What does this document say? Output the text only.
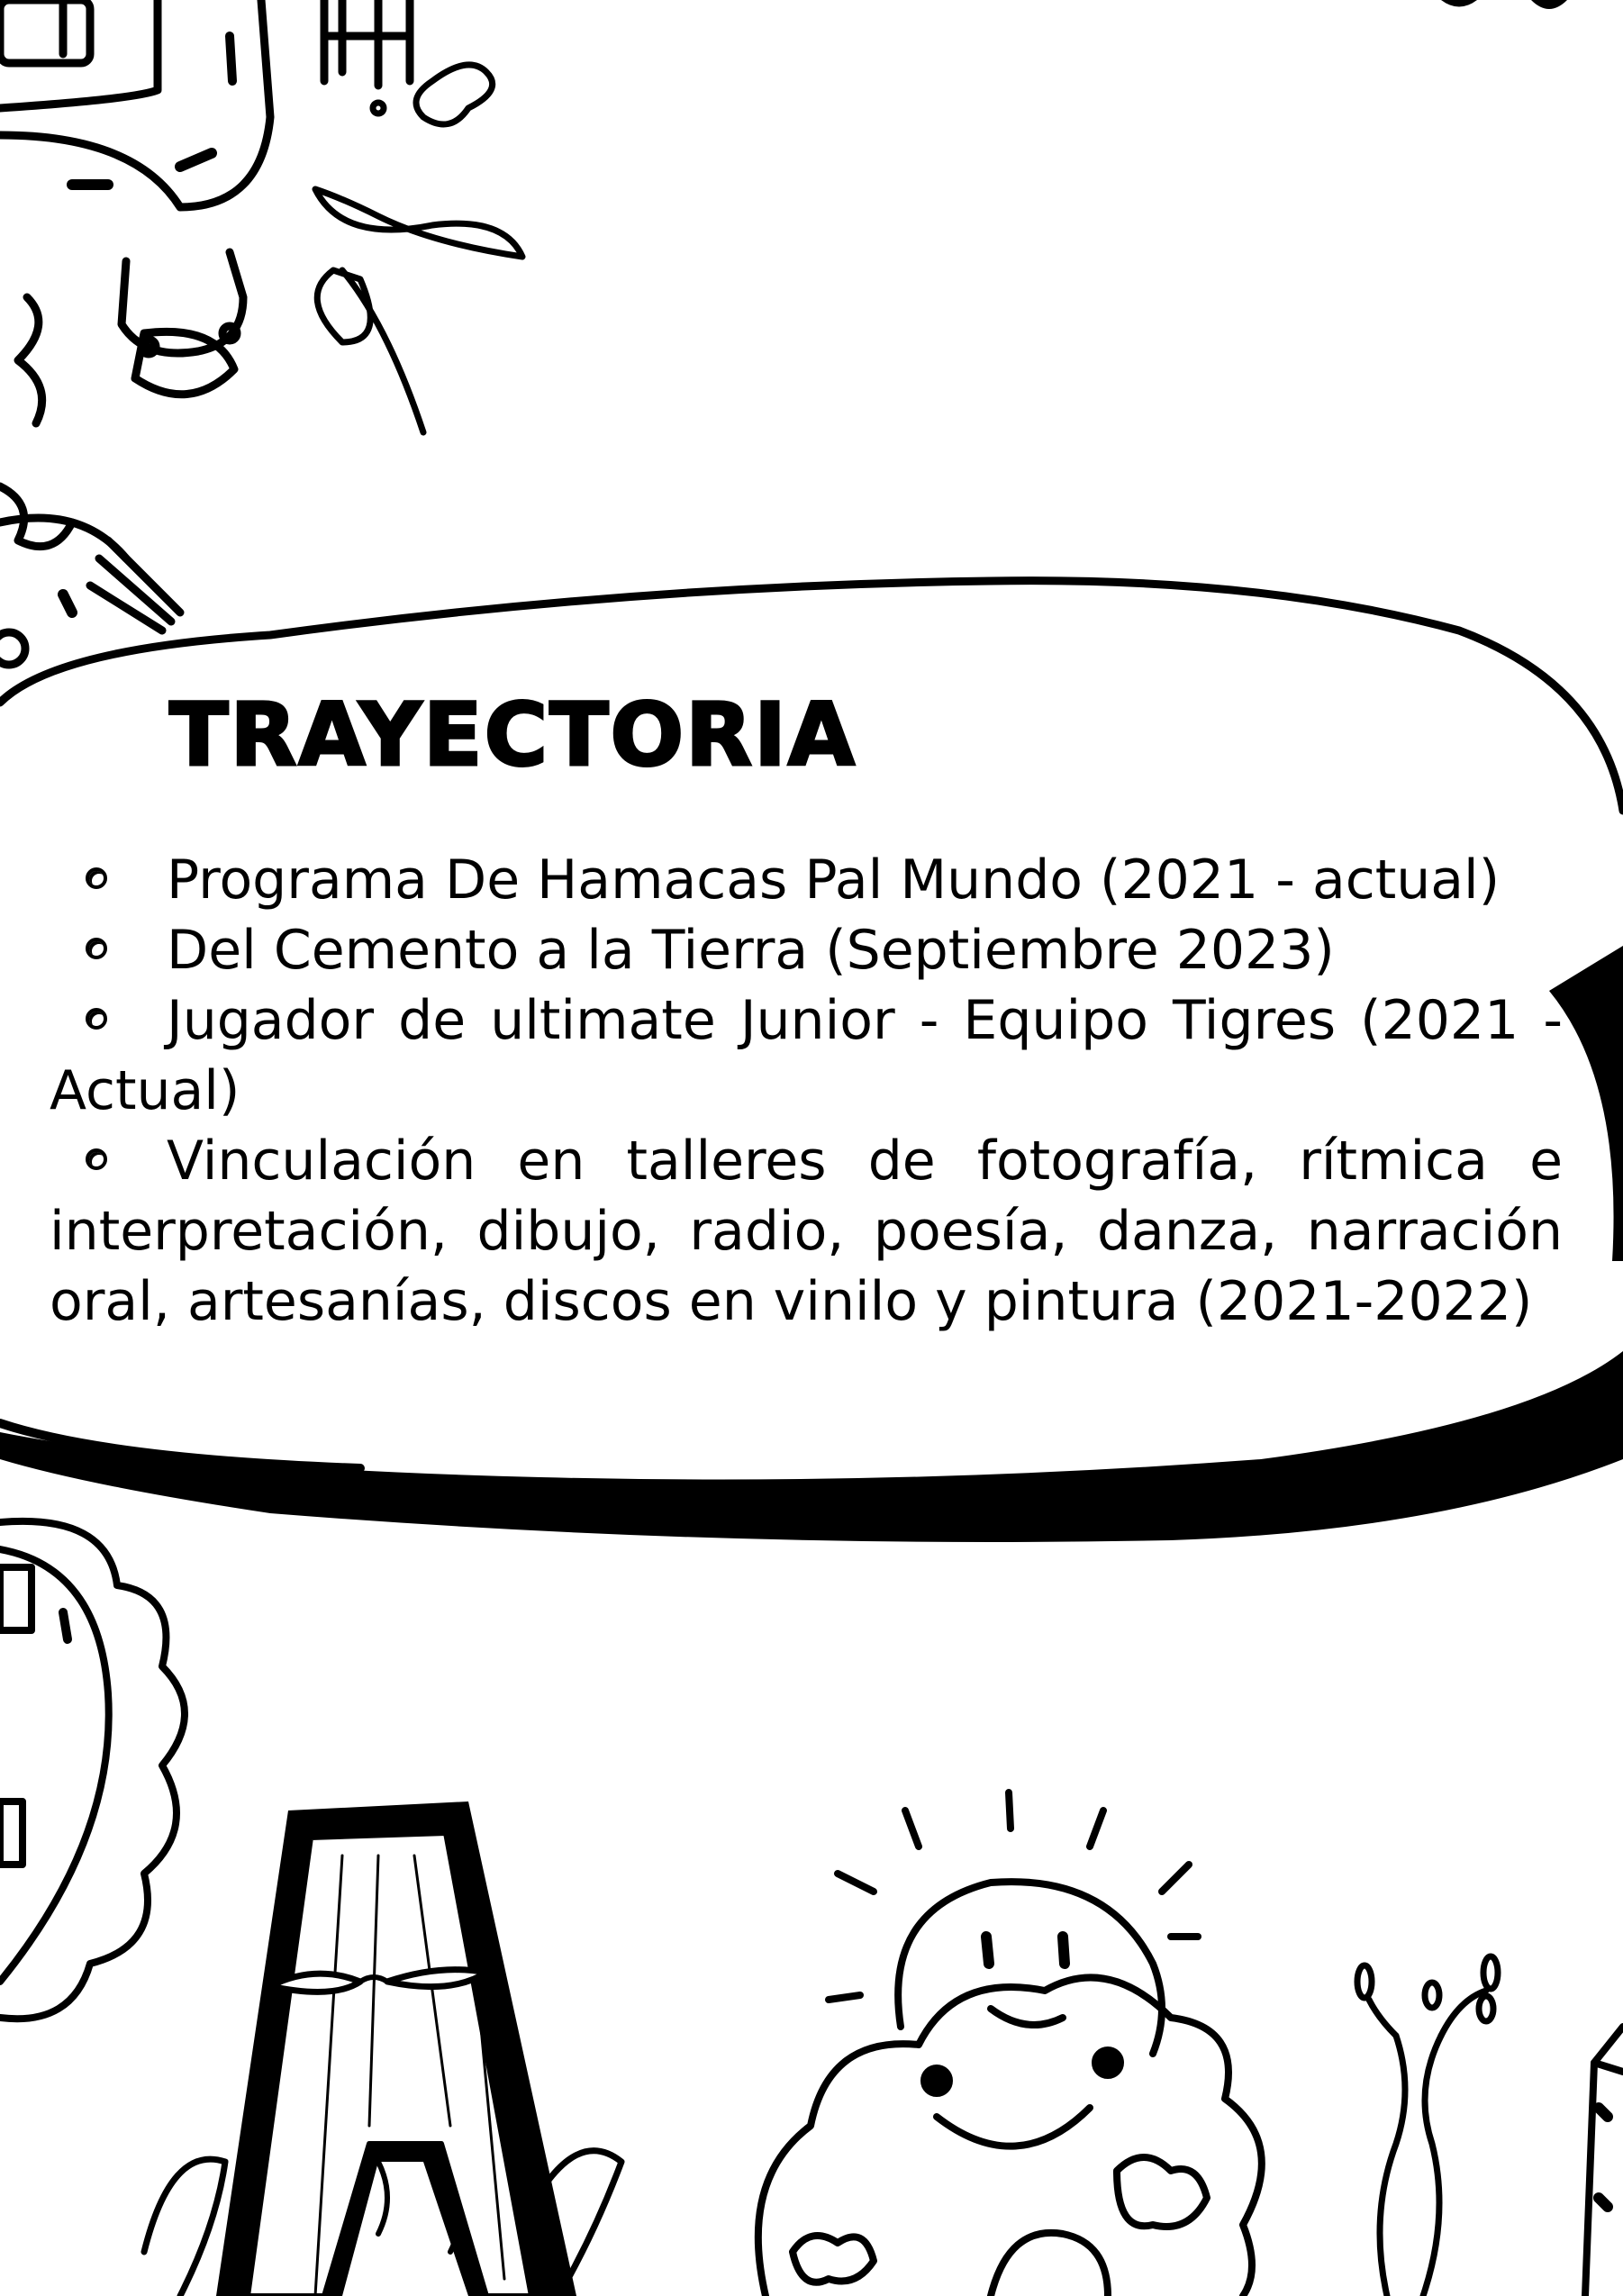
TRAYECTORIA
Programa De Hamacas Pal Mundo (2021 - actual)
Del Cemento a la Tierra (Septiembre 2023)
Jugador de ultimate Junior - Equipo Tigres (2021 - Actual)
Vinculación en talleres de fotografía, rítmica e interpretación, dibujo, radio, poesía, danza, narración oral, artesanías, discos en vinilo y pintura (2021-2022)
